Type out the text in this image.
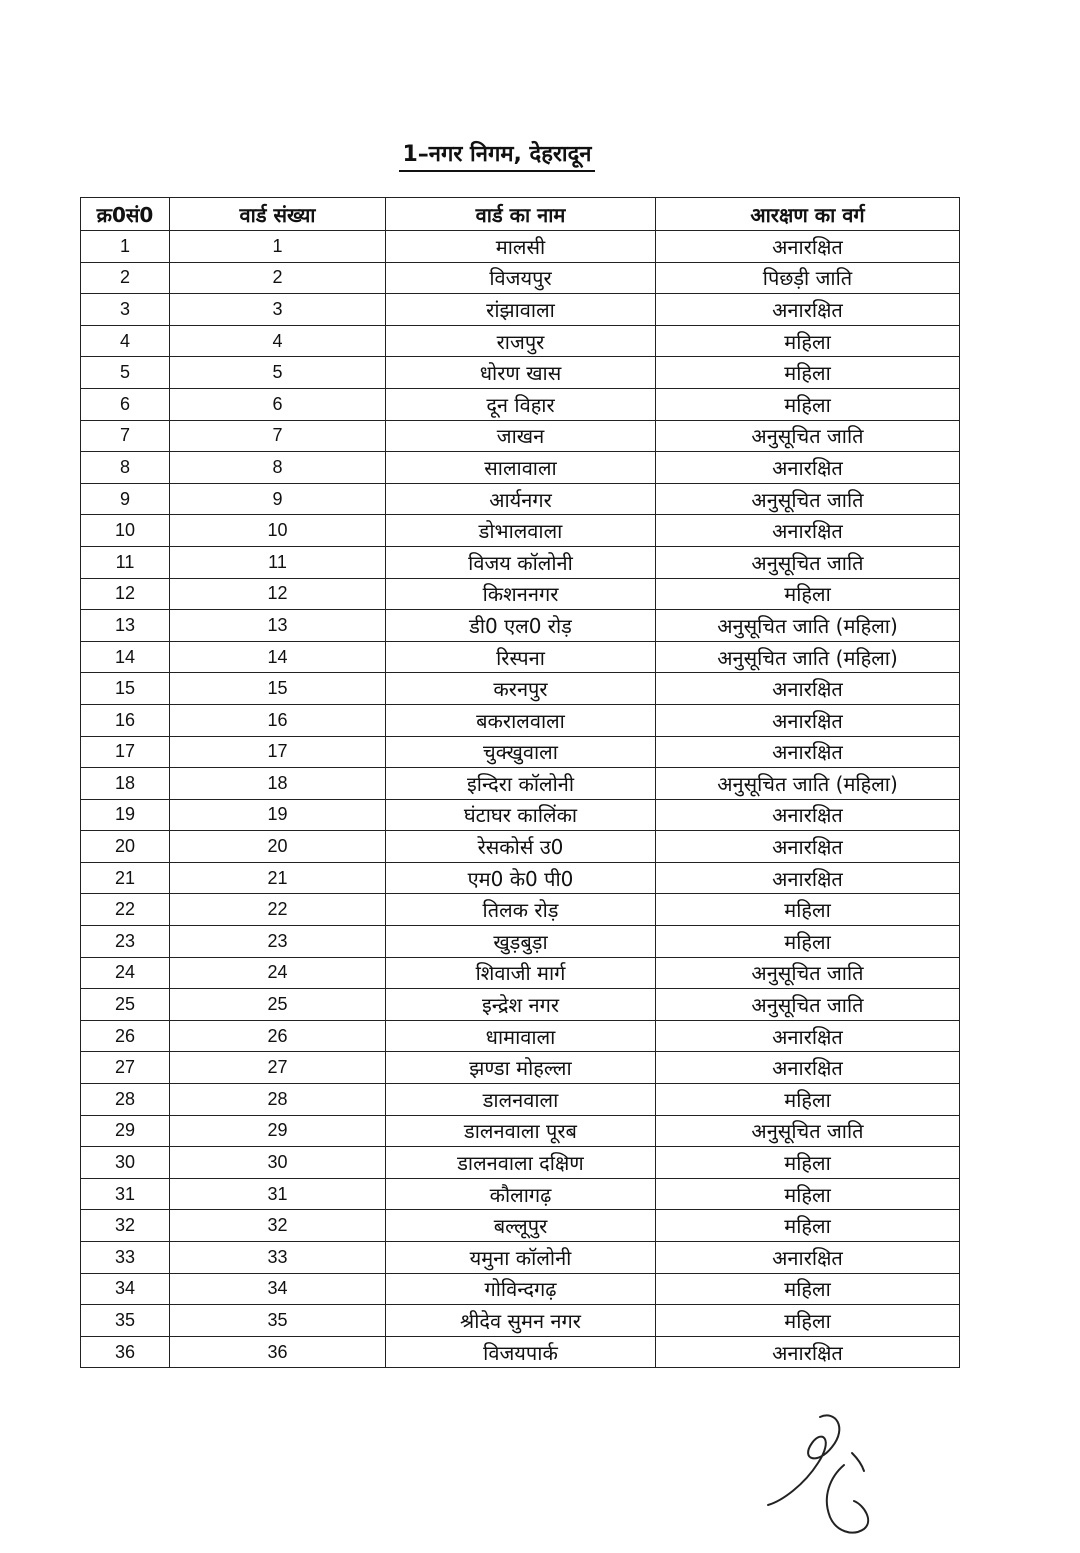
1–नगर निगम, देहरादून
क्र0सं0	वार्ड संख्या	वार्ड का नाम	आरक्षण का वर्ग
1	1	मालसी	अनारक्षित
2	2	विजयपुर	पिछड़ी जाति
3	3	रांझावाला	अनारक्षित
4	4	राजपुर	महिला
5	5	धोरण खास	महिला
6	6	दून विहार	महिला
7	7	जाखन	अनुसूचित जाति
8	8	सालावाला	अनारक्षित
9	9	आर्यनगर	अनुसूचित जाति
10	10	डोभालवाला	अनारक्षित
11	11	विजय कॉलोनी	अनुसूचित जाति
12	12	किशननगर	महिला
13	13	डी0 एल0 रोड़	अनुसूचित जाति (महिला)
14	14	रिस्पना	अनुसूचित जाति (महिला)
15	15	करनपुर	अनारक्षित
16	16	बकरालवाला	अनारक्षित
17	17	चुक्खुवाला	अनारक्षित
18	18	इन्दिरा कॉलोनी	अनुसूचित जाति (महिला)
19	19	घंटाघर कालिंका	अनारक्षित
20	20	रेसकोर्स उ0	अनारक्षित
21	21	एम0 के0 पी0	अनारक्षित
22	22	तिलक रोड़	महिला
23	23	खुड़बुड़ा	महिला
24	24	शिवाजी मार्ग	अनुसूचित जाति
25	25	इन्द्रेश नगर	अनुसूचित जाति
26	26	धामावाला	अनारक्षित
27	27	झण्डा मोहल्ला	अनारक्षित
28	28	डालनवाला	महिला
29	29	डालनवाला पूरब	अनुसूचित जाति
30	30	डालनवाला दक्षिण	महिला
31	31	कौलागढ़	महिला
32	32	बल्लूपुर	महिला
33	33	यमुना कॉलोनी	अनारक्षित
34	34	गोविन्दगढ़	महिला
35	35	श्रीदेव सुमन नगर	महिला
36	36	विजयपार्क	अनारक्षित
